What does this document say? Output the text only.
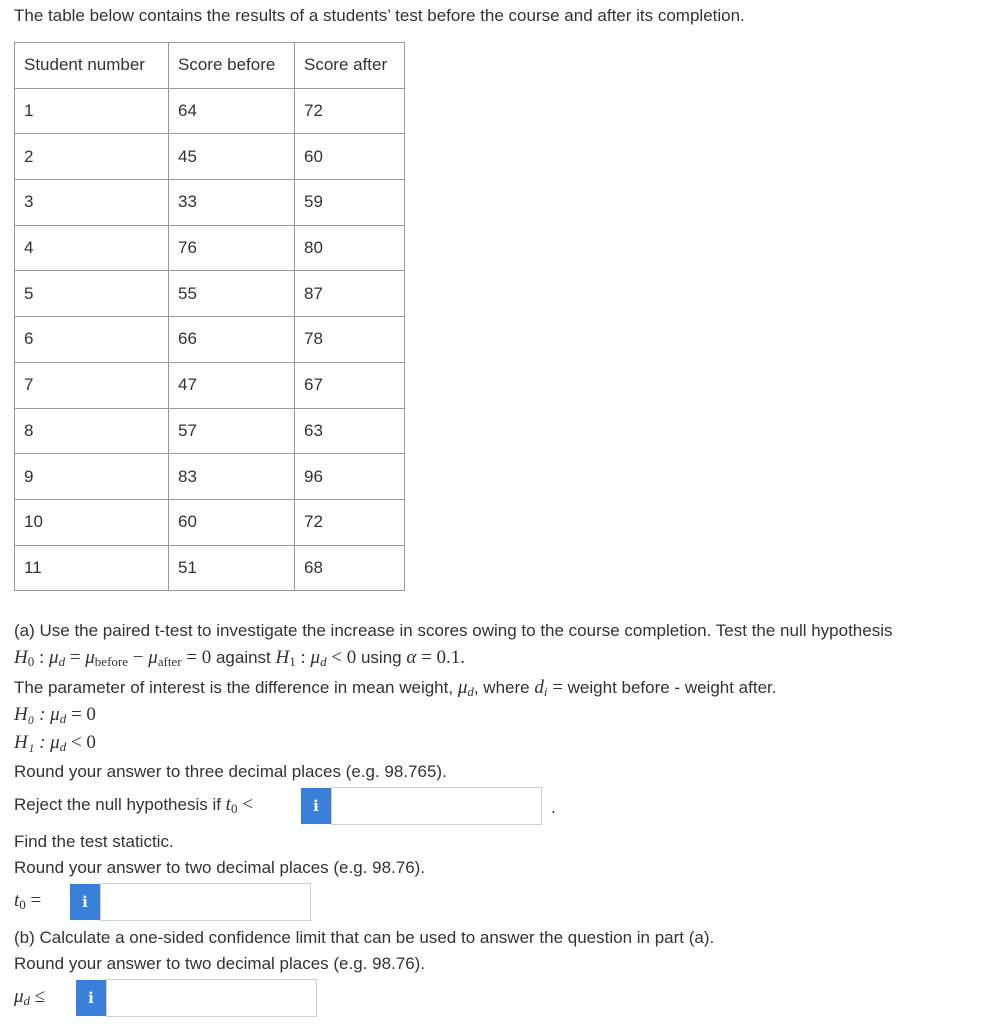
The table below contains the results of a students’ test before the course and after its completion.
Student number	Score before	Score after
1	64	72
2	45	60
3	33	59
4	76	80
5	55	87
6	66	78
7	47	67
8	57	63
9	83	96
10	60	72
11	51	68
(a) Use the paired t-test to investigate the increase in scores owing to the course completion. Test the null hypothesis
$H_0$ : $\mu_d = \mu_{before} - \mu_{after} = 0$ against $H_1$ : $\mu_d < 0$ using α = 0.1.
The parameter of interest is the difference in mean weight, $\mu_d$, where $d_i$ = weight before - weight after.
H₀ : $\mu_d = 0$
H₁ : $\mu_d < 0$
Round your answer to three decimal places (e.g. 98.765).
Reject the null hypothesis if $t_0$ <	i	.
Find the test statictic.
Round your answer to two decimal places (e.g. 98.76).
$t_0$ =	i
(b) Calculate a one-sided confidence limit that can be used to answer the question in part (a).
Round your answer to two decimal places (e.g. 98.76).
$\mu_d$ ≤	i
